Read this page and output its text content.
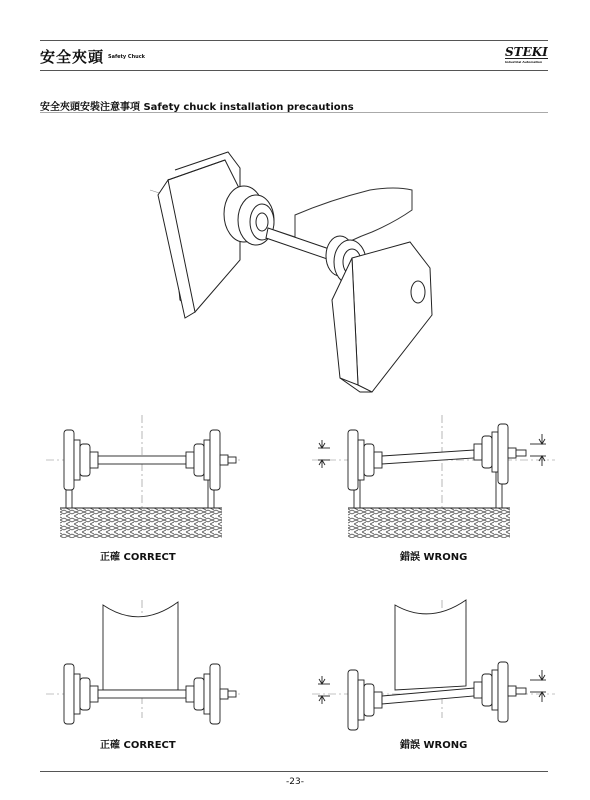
安全夾頭 Safety Chuck	STEKI
Industrial Automation
安全夾頭安裝注意事項 Safety chuck installation precautions
正確 CORRECT	錯誤 WRONG
正確 CORRECT	錯誤 WRONG
-23-
